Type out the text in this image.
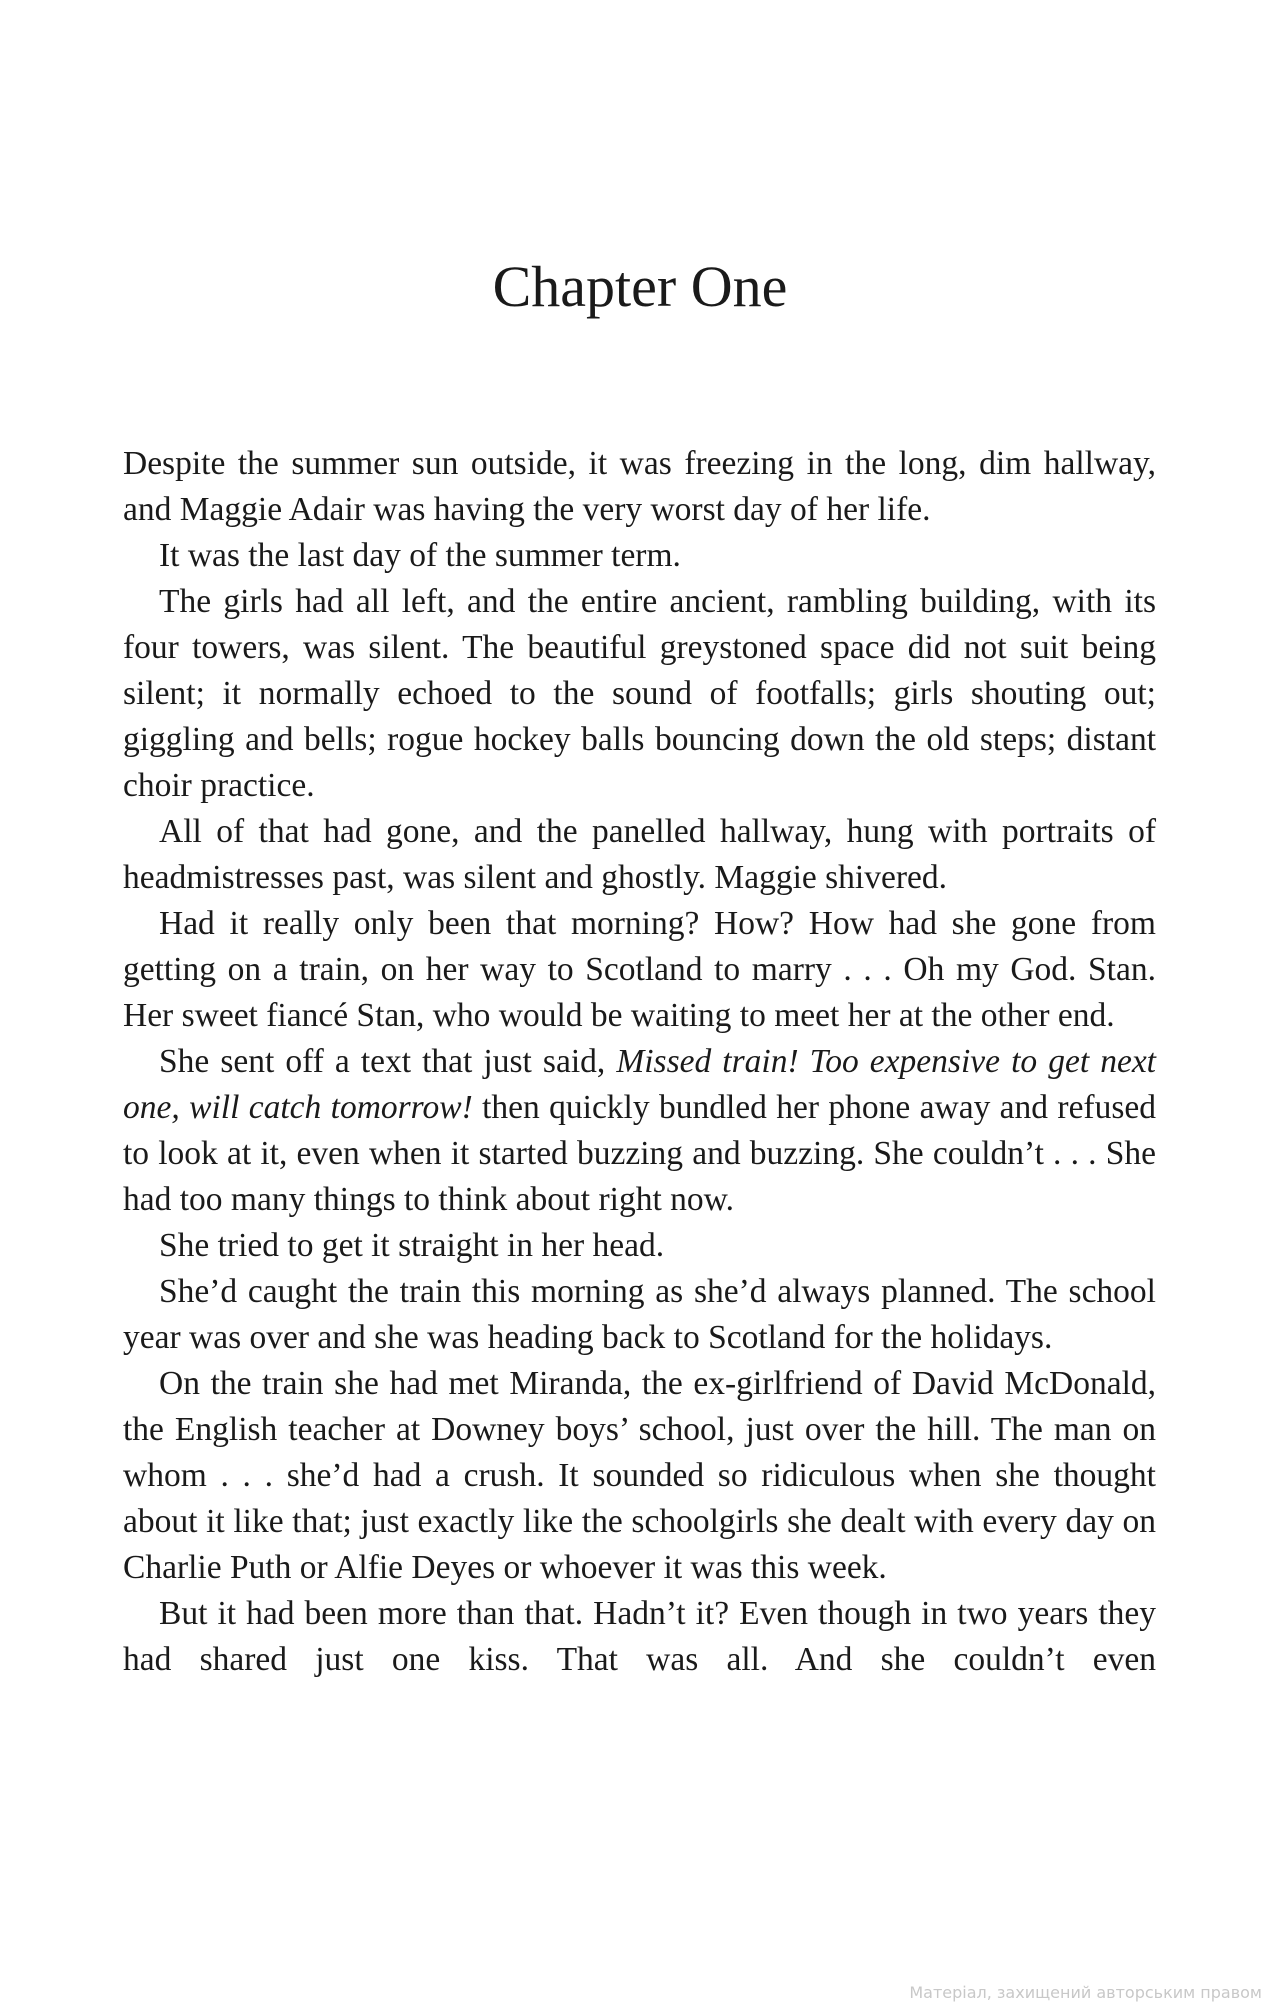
Chapter One

Despite the summer sun outside, it was freezing in the long, dim hallway, and Maggie Adair was having the very worst day of her life.

It was the last day of the summer term.

The girls had all left, and the entire ancient, rambling building, with its four towers, was silent. The beautiful greystoned space did not suit being silent; it normally echoed to the sound of footfalls; girls shouting out; giggling and bells; rogue hockey balls bouncing down the old steps; distant choir practice.

All of that had gone, and the panelled hallway, hung with portraits of headmistresses past, was silent and ghostly. Maggie shivered.

Had it really only been that morning? How? How had she gone from getting on a train, on her way to Scotland to marry . . . Oh my God. Stan. Her sweet fiancé Stan, who would be waiting to meet her at the other end.

She sent off a text that just said, Missed train! Too expensive to get next one, will catch tomorrow! then quickly bundled her phone away and refused to look at it, even when it started buzzing and buzzing. She couldn’t . . . She had too many things to think about right now.

She tried to get it straight in her head.

She’d caught the train this morning as she’d always planned. The school year was over and she was heading back to Scotland for the holidays.

On the train she had met Miranda, the ex-girlfriend of David McDonald, the English teacher at Downey boys’ school, just over the hill. The man on whom . . . she’d had a crush. It sounded so ridiculous when she thought about it like that; just exactly like the schoolgirls she dealt with every day on Charlie Puth or Alfie Deyes or whoever it was this week.

But it had been more than that. Hadn’t it? Even though in two years they had shared just one kiss. That was all. And she couldn’t even

Матеріал, захищений авторським правом
